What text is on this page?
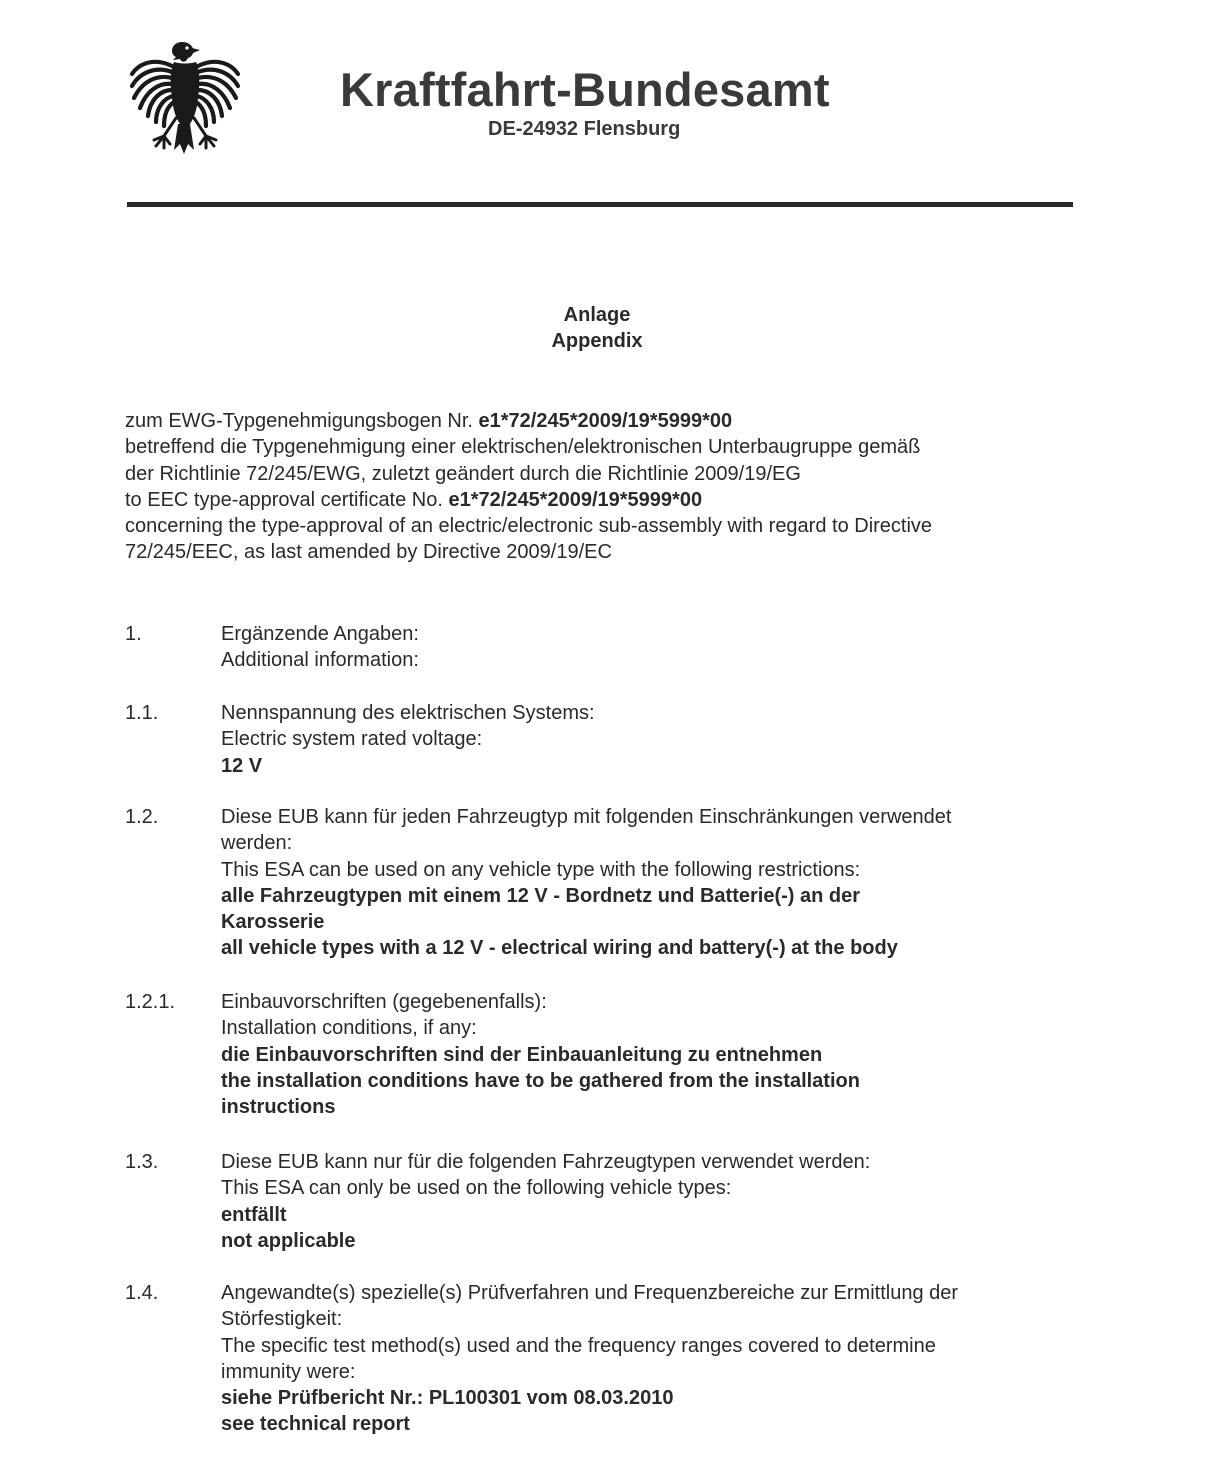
Kraftfahrt-Bundesamt
DE-24932 Flensburg
Anlage
Appendix
zum EWG-Typgenehmigungsbogen Nr. e1*72/245*2009/19*5999*00
betreffend die Typgenehmigung einer elektrischen/elektronischen Unterbaugruppe gemäß
der Richtlinie 72/245/EWG, zuletzt geändert durch die Richtlinie 2009/19/EG
to EEC type-approval certificate No. e1*72/245*2009/19*5999*00
concerning the type-approval of an electric/electronic sub-assembly with regard to Directive
72/245/EEC, as last amended by Directive 2009/19/EC
1.	Ergänzende Angaben:
Additional information:
1.1.	Nennspannung des elektrischen Systems:
Electric system rated voltage:
12 V
1.2.	Diese EUB kann für jeden Fahrzeugtyp mit folgenden Einschränkungen verwendet
werden:
This ESA can be used on any vehicle type with the following restrictions:
alle Fahrzeugtypen mit einem 12 V - Bordnetz und Batterie(-) an der
Karosserie
all vehicle types with a 12 V - electrical wiring and battery(-) at the body
1.2.1.	Einbauvorschriften (gegebenenfalls):
Installation conditions, if any:
die Einbauvorschriften sind der Einbauanleitung zu entnehmen
the installation conditions have to be gathered from the installation
instructions
1.3.	Diese EUB kann nur für die folgenden Fahrzeugtypen verwendet werden:
This ESA can only be used on the following vehicle types:
entfällt
not applicable
1.4.	Angewandte(s) spezielle(s) Prüfverfahren und Frequenzbereiche zur Ermittlung der
Störfestigkeit:
The specific test method(s) used and the frequency ranges covered to determine
immunity were:
siehe Prüfbericht Nr.: PL100301 vom 08.03.2010
see technical report
